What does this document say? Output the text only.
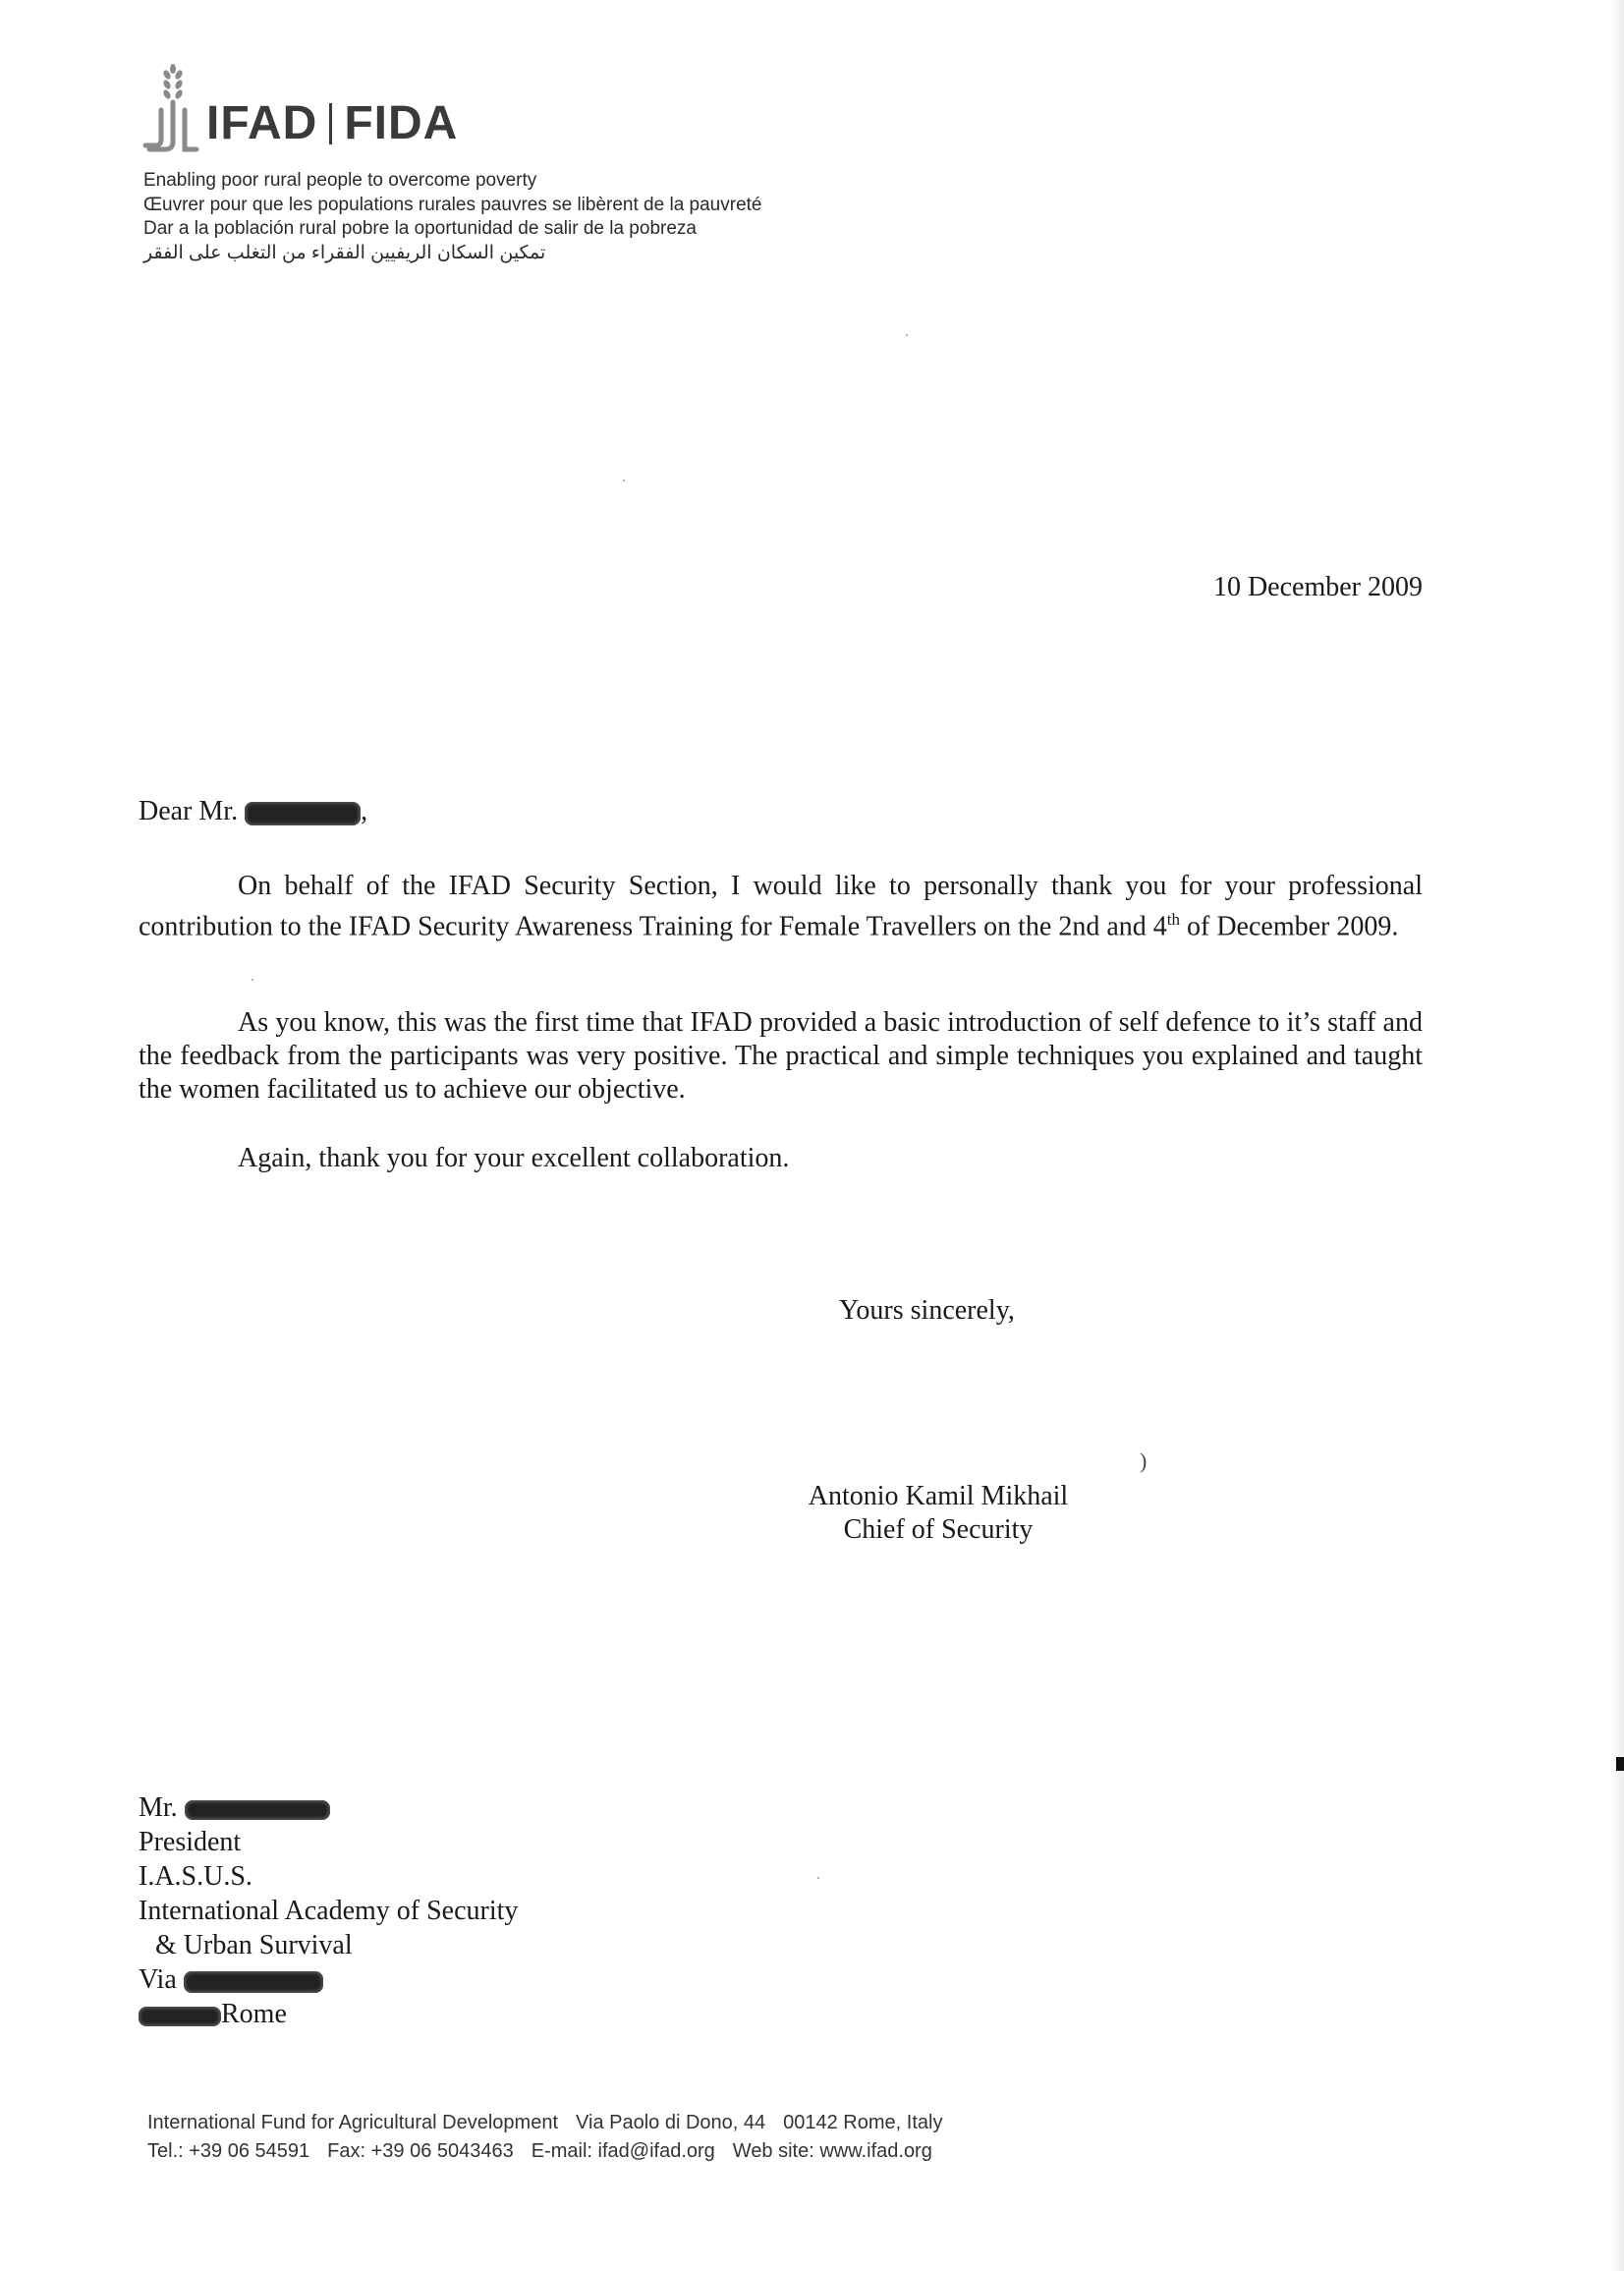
IFAD FIDA
Enabling poor rural people to overcome poverty
Œuvrer pour que les populations rurales pauvres se libèrent de la pauvreté
Dar a la población rural pobre la oportunidad de salir de la pobreza
تمكين السكان الريفيين الفقراء من التغلب على الفقر
10 December 2009
Dear Mr.	,
On behalf of the IFAD Security Section, I would like to personally thank you for your professional contribution to the IFAD Security Awareness Training for Female Travellers on the 2nd and 4th of December 2009.
As you know, this was the first time that IFAD provided a basic introduction of self defence to it’s staff and the feedback from the participants was very positive. The practical and simple techniques you explained and taught the women facilitated us to achieve our objective.
Again, thank you for your excellent collaboration.
Yours sincerely,
)
Antonio Kamil Mikhail
Chief of Security
Mr.
President
I.A.S.U.S.
International Academy of Security
& Urban Survival
Via
Rome
International Fund for Agricultural Development Via Paolo di Dono, 44 00142 Rome, Italy
Tel.: +39 06 54591 Fax: +39 06 5043463 E-mail: ifad@ifad.org Web site: www.ifad.org
